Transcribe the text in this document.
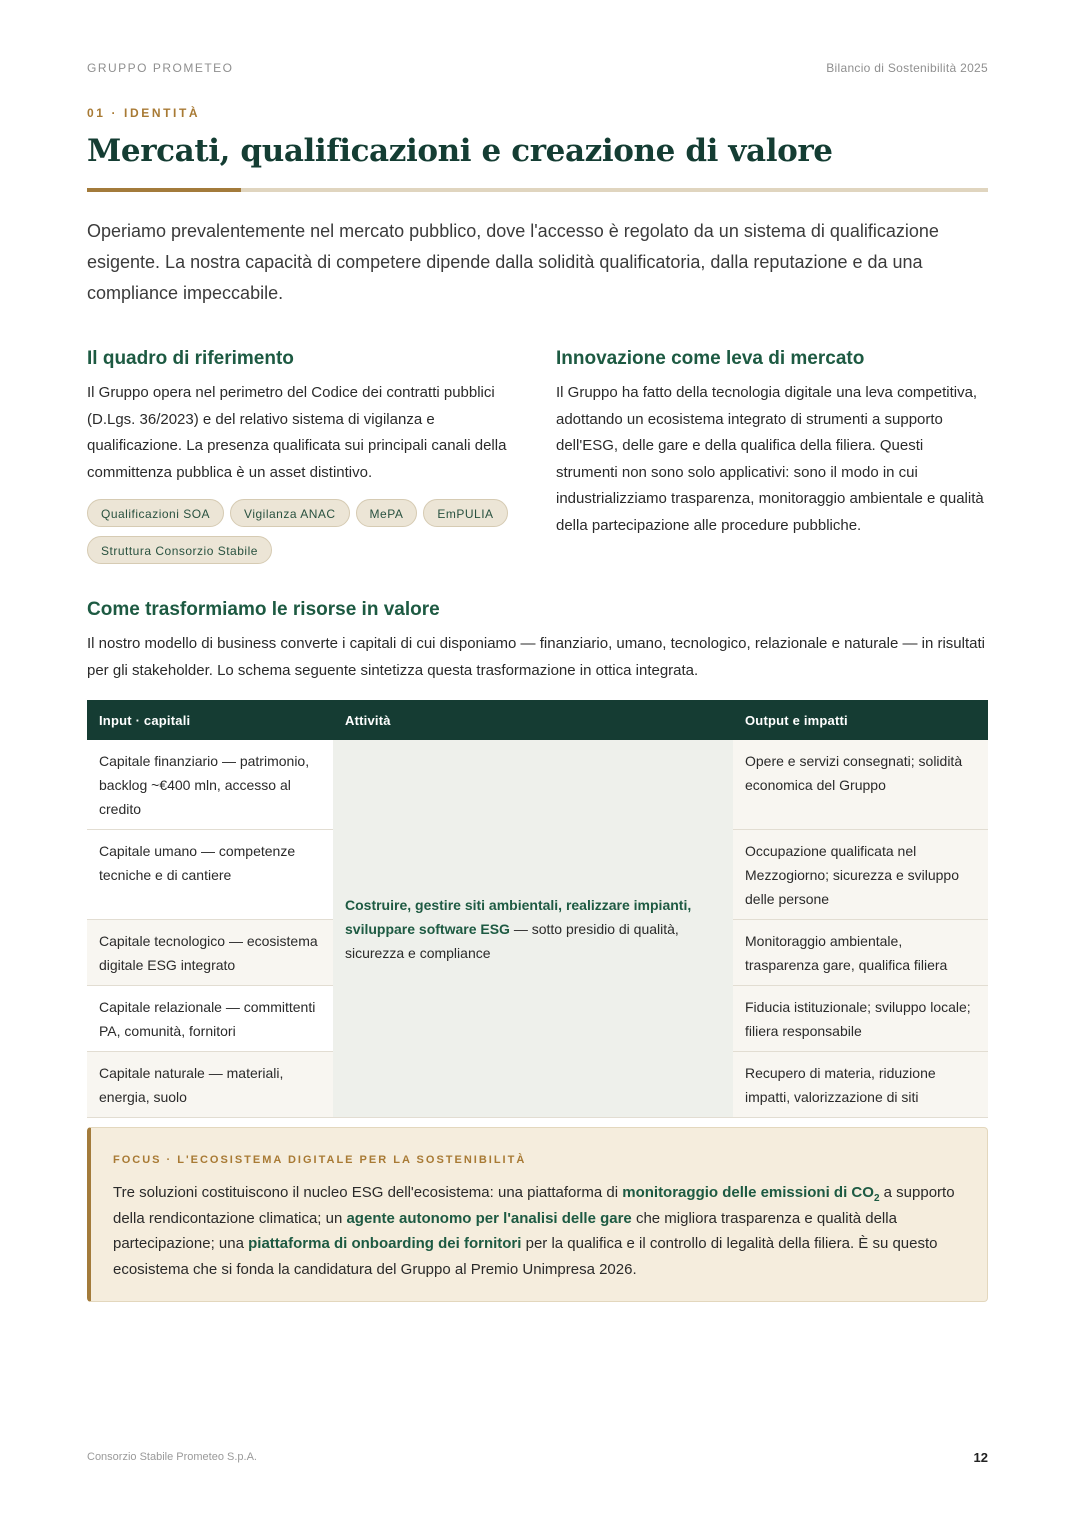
GRUPPO PROMETEO	Bilancio di Sostenibilità 2025
01 · IDENTITÀ
Mercati, qualificazioni e creazione di valore

Operiamo prevalentemente nel mercato pubblico, dove l'accesso è regolato da un sistema di qualificazione esigente. La nostra capacità di competere dipende dalla solidità qualificatoria, dalla reputazione e da una compliance impeccabile.

Il quadro di riferimento

Il Gruppo opera nel perimetro del Codice dei contratti pubblici (D.Lgs. 36/2023) e del relativo sistema di vigilanza e qualificazione. La presenza qualificata sui principali canali della committenza pubblica è un asset distintivo.

Qualificazioni SOA	Vigilanza ANAC	MePA	EmPULIA
Struttura Consorzio Stabile
Innovazione come leva di mercato

Il Gruppo ha fatto della tecnologia digitale una leva competitiva, adottando un ecosistema integrato di strumenti a supporto dell'ESG, delle gare e della qualifica della filiera. Questi strumenti non sono solo applicativi: sono il modo in cui industrializziamo trasparenza, monitoraggio ambientale e qualità della partecipazione alle procedure pubbliche.

Come trasformiamo le risorse in valore

Il nostro modello di business converte i capitali di cui disponiamo — finanziario, umano, tecnologico, relazionale e naturale — in risultati per gli stakeholder. Lo schema seguente sintetizza questa trasformazione in ottica integrata.

Input · capitali	Attività	Output e impatti
Capitale finanziario — patrimonio, backlog ~€400 mln, accesso al credito	Costruire, gestire siti ambientali, realizzare impianti, sviluppare software ESG — sotto presidio di qualità, sicurezza e compliance	Opere e servizi consegnati; solidità economica del Gruppo
Capitale umano — competenze tecniche e di cantiere		Occupazione qualificata nel Mezzogiorno; sicurezza e sviluppo delle persone
Capitale tecnologico — ecosistema digitale ESG integrato		Monitoraggio ambientale, trasparenza gare, qualifica filiera
Capitale relazionale — committenti PA, comunità, fornitori		Fiducia istituzionale; sviluppo locale; filiera responsabile
Capitale naturale — materiali, energia, suolo		Recupero di materia, riduzione impatti, valorizzazione di siti
FOCUS · L'ECOSISTEMA DIGITALE PER LA SOSTENIBILITÀ

Tre soluzioni costituiscono il nucleo ESG dell'ecosistema: una piattaforma di monitoraggio delle emissioni di $CO_2$ a supporto della rendicontazione climatica; un agente autonomo per l'analisi delle gare che migliora trasparenza e qualità della partecipazione; una piattaforma di onboarding dei fornitori per la qualifica e il controllo di legalità della filiera. È su questo ecosistema che si fonda la candidatura del Gruppo al Premio Unimpresa 2026.

Consorzio Stabile Prometeo S.p.A.	12
